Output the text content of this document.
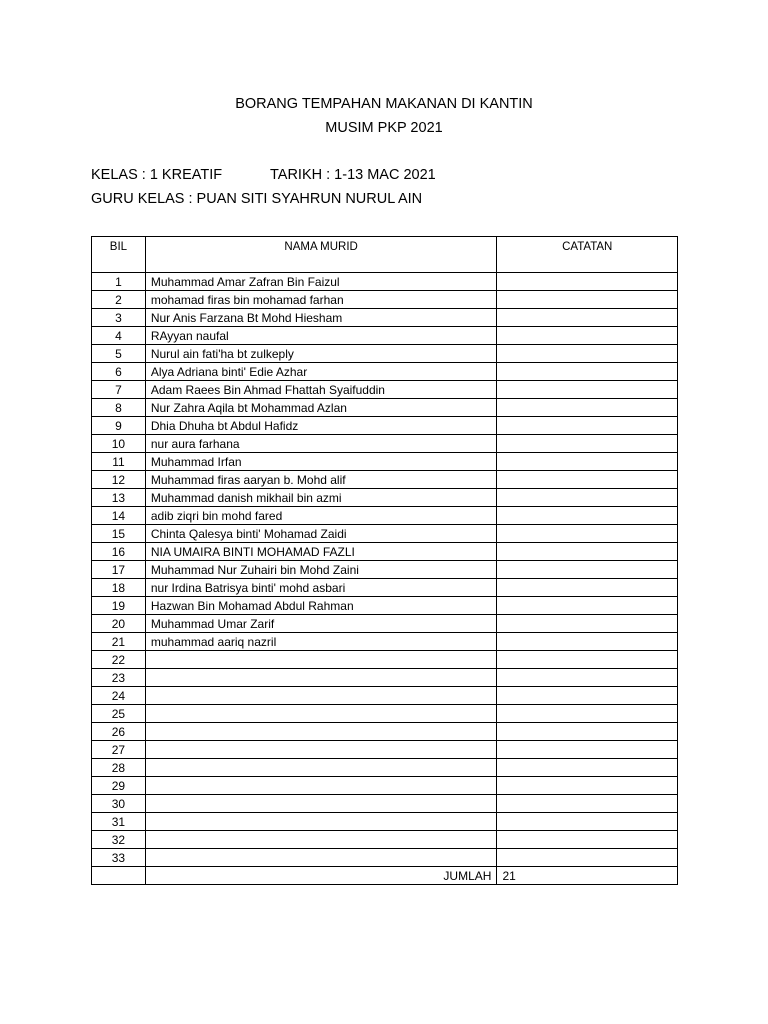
BORANG TEMPAHAN MAKANAN DI KANTIN
MUSIM PKP 2021
KELAS : 1 KREATIF	TARIKH : 1-13 MAC 2021
GURU KELAS : PUAN SITI SYAHRUN NURUL AIN
BIL	NAMA MURID	CATATAN
1	Muhammad Amar Zafran Bin Faizul	
2	mohamad firas bin mohamad farhan	
3	Nur Anis Farzana Bt Mohd Hiesham	
4	RAyyan naufal	
5	Nurul ain fati'ha bt zulkeply	
6	Alya Adriana binti' Edie Azhar	
7	Adam Raees Bin Ahmad Fhattah Syaifuddin	
8	Nur Zahra Aqila bt Mohammad Azlan	
9	Dhia Dhuha bt Abdul Hafidz	
10	nur aura farhana	
11	Muhammad Irfan	
12	Muhammad firas aaryan b. Mohd alif	
13	Muhammad danish mikhail bin azmi	
14	adib ziqri bin mohd fared	
15	Chinta Qalesya binti' Mohamad Zaidi	
16	NIA UMAIRA BINTI MOHAMAD FAZLI	
17	Muhammad Nur Zuhairi bin Mohd Zaini	
18	nur Irdina Batrisya binti' mohd asbari	
19	Hazwan Bin Mohamad Abdul Rahman	
20	Muhammad Umar Zarif	
21	muhammad aariq nazril	
22		
23		
24		
25		
26		
27		
28		
29		
30		
31		
32		
33		
	JUMLAH	21
